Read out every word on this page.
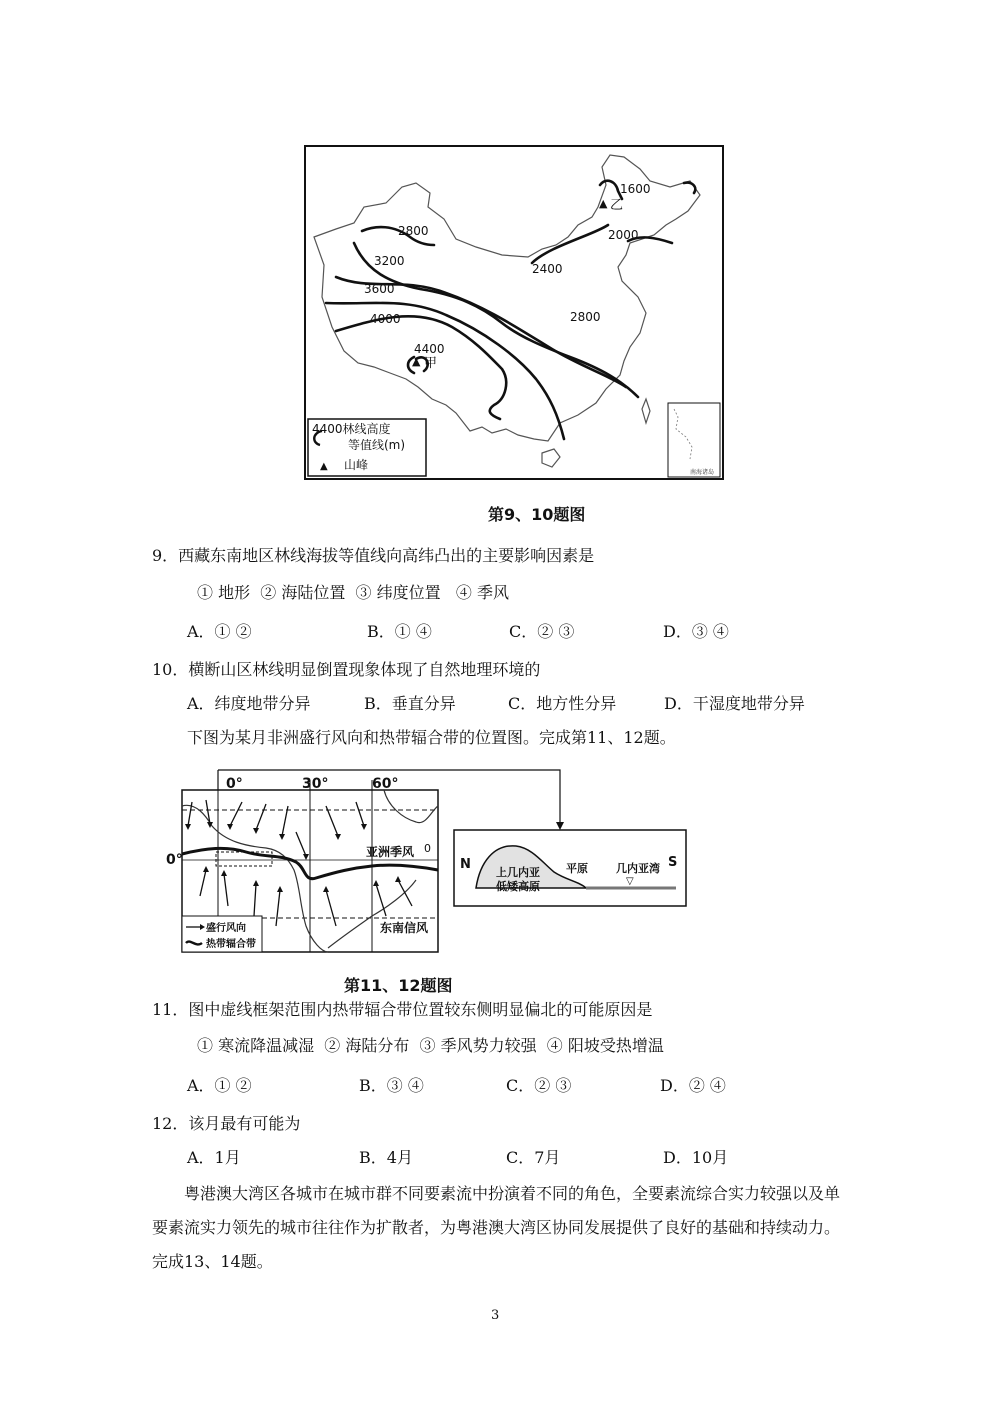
1600
2000
2400
2800
2800
3200
3600
4000
4400
▲ 乙
▲ 甲
南海诸岛
4400林线高度
等值线(m)
▲ 山峰
第9、10题图
9．西藏东南地区林线海拔等值线向高纬凸出的主要影响因素是
① 地形  ② 海陆位置  ③ 纬度位置   ④ 季风
A．① ②	B．① ④	C．② ③	D．③ ④
10．横断山区林线明显倒置现象体现了自然地理环境的
A．纬度地带分异	B．垂直分异	C．地方性分异	D．干湿度地带分异
下图为某月非洲盛行风向和热带辐合带的位置图。完成第11、12题。
0°	30°	60°
0°	亚洲季风 0
东南信风
盛行风向
热带辐合带
N	S
平原	几内亚湾
▽
上几内亚
低矮高原
第11、12题图
11．图中虚线框架范围内热带辐合带位置较东侧明显偏北的可能原因是
① 寒流降温减湿  ② 海陆分布  ③ 季风势力较强  ④ 阳坡受热增温
A．① ②	B．③ ④	C．② ③	D．② ④
12．该月最有可能为
A．1月	B．4月	C．7月	D．10月
粤港澳大湾区各城市在城市群不同要素流中扮演着不同的角色，全要素流综合实力较强以及单要素流实力领先的城市往往作为扩散者，为粤港澳大湾区协同发展提供了良好的基础和持续动力。完成13、14题。
3
